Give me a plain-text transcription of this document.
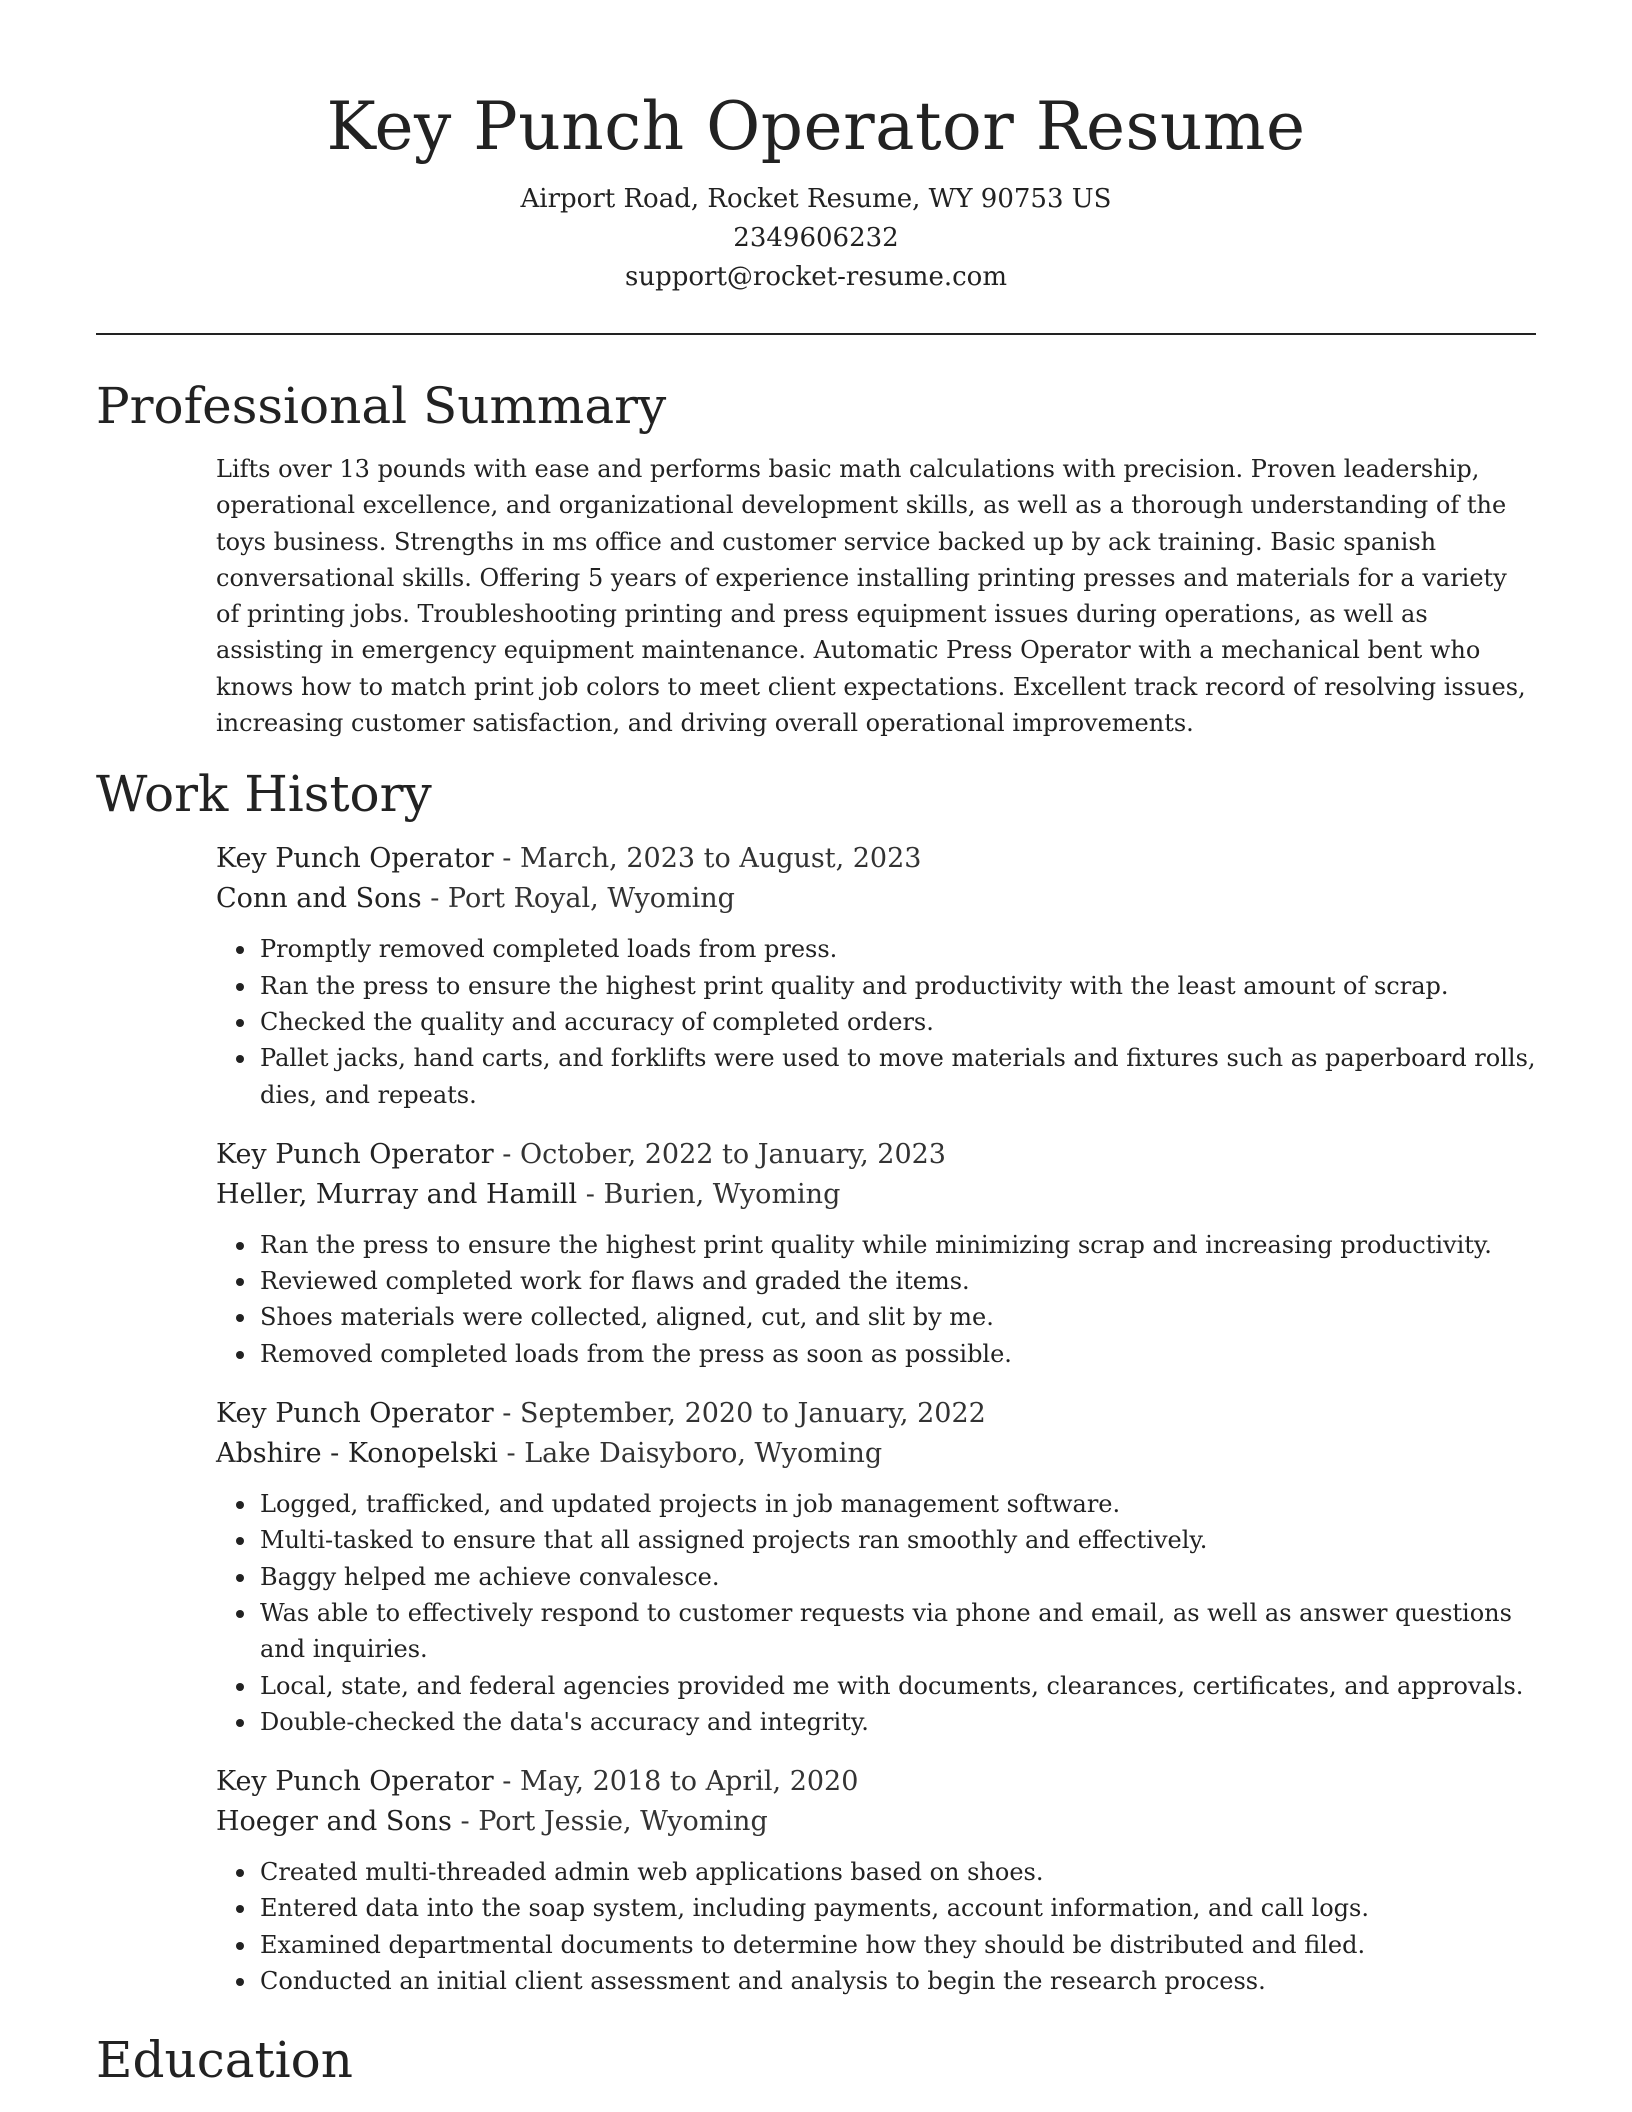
Key Punch Operator Resume
Airport Road, Rocket Resume, WY 90753 US
2349606232
support@rocket-resume.com
Professional Summary

Lifts over 13 pounds with ease and performs basic math calculations with precision. Proven leadership, operational excellence, and organizational development skills, as well as a thorough understanding of the toys business. Strengths in ms office and customer service backed up by ack training. Basic spanish conversational skills. Offering 5 years of experience installing printing presses and materials for a variety of printing jobs. Troubleshooting printing and press equipment issues during operations, as well as assisting in emergency equipment maintenance. Automatic Press Operator with a mechanical bent who knows how to match print job colors to meet client expectations. Excellent track record of resolving issues, increasing customer satisfaction, and driving overall operational improvements.

Work History
Key Punch Operator - March, 2023 to August, 2023
Conn and Sons - Port Royal, Wyoming
Promptly removed completed loads from press.
Ran the press to ensure the highest print quality and productivity with the least amount of scrap.
Checked the quality and accuracy of completed orders.
Pallet jacks, hand carts, and forklifts were used to move materials and fixtures such as paperboard rolls, dies, and repeats.
Key Punch Operator - October, 2022 to January, 2023
Heller, Murray and Hamill - Burien, Wyoming
Ran the press to ensure the highest print quality while minimizing scrap and increasing productivity.
Reviewed completed work for flaws and graded the items.
Shoes materials were collected, aligned, cut, and slit by me.
Removed completed loads from the press as soon as possible.
Key Punch Operator - September, 2020 to January, 2022
Abshire - Konopelski - Lake Daisyboro, Wyoming
Logged, trafficked, and updated projects in job management software.
Multi-tasked to ensure that all assigned projects ran smoothly and effectively.
Baggy helped me achieve convalesce.
Was able to effectively respond to customer requests via phone and email, as well as answer questions and inquiries.
Local, state, and federal agencies provided me with documents, clearances, certificates, and approvals.
Double-checked the data's accuracy and integrity.
Key Punch Operator - May, 2018 to April, 2020
Hoeger and Sons - Port Jessie, Wyoming
Created multi-threaded admin web applications based on shoes.
Entered data into the soap system, including payments, account information, and call logs.
Examined departmental documents to determine how they should be distributed and filed.
Conducted an initial client assessment and analysis to begin the research process.
Education
